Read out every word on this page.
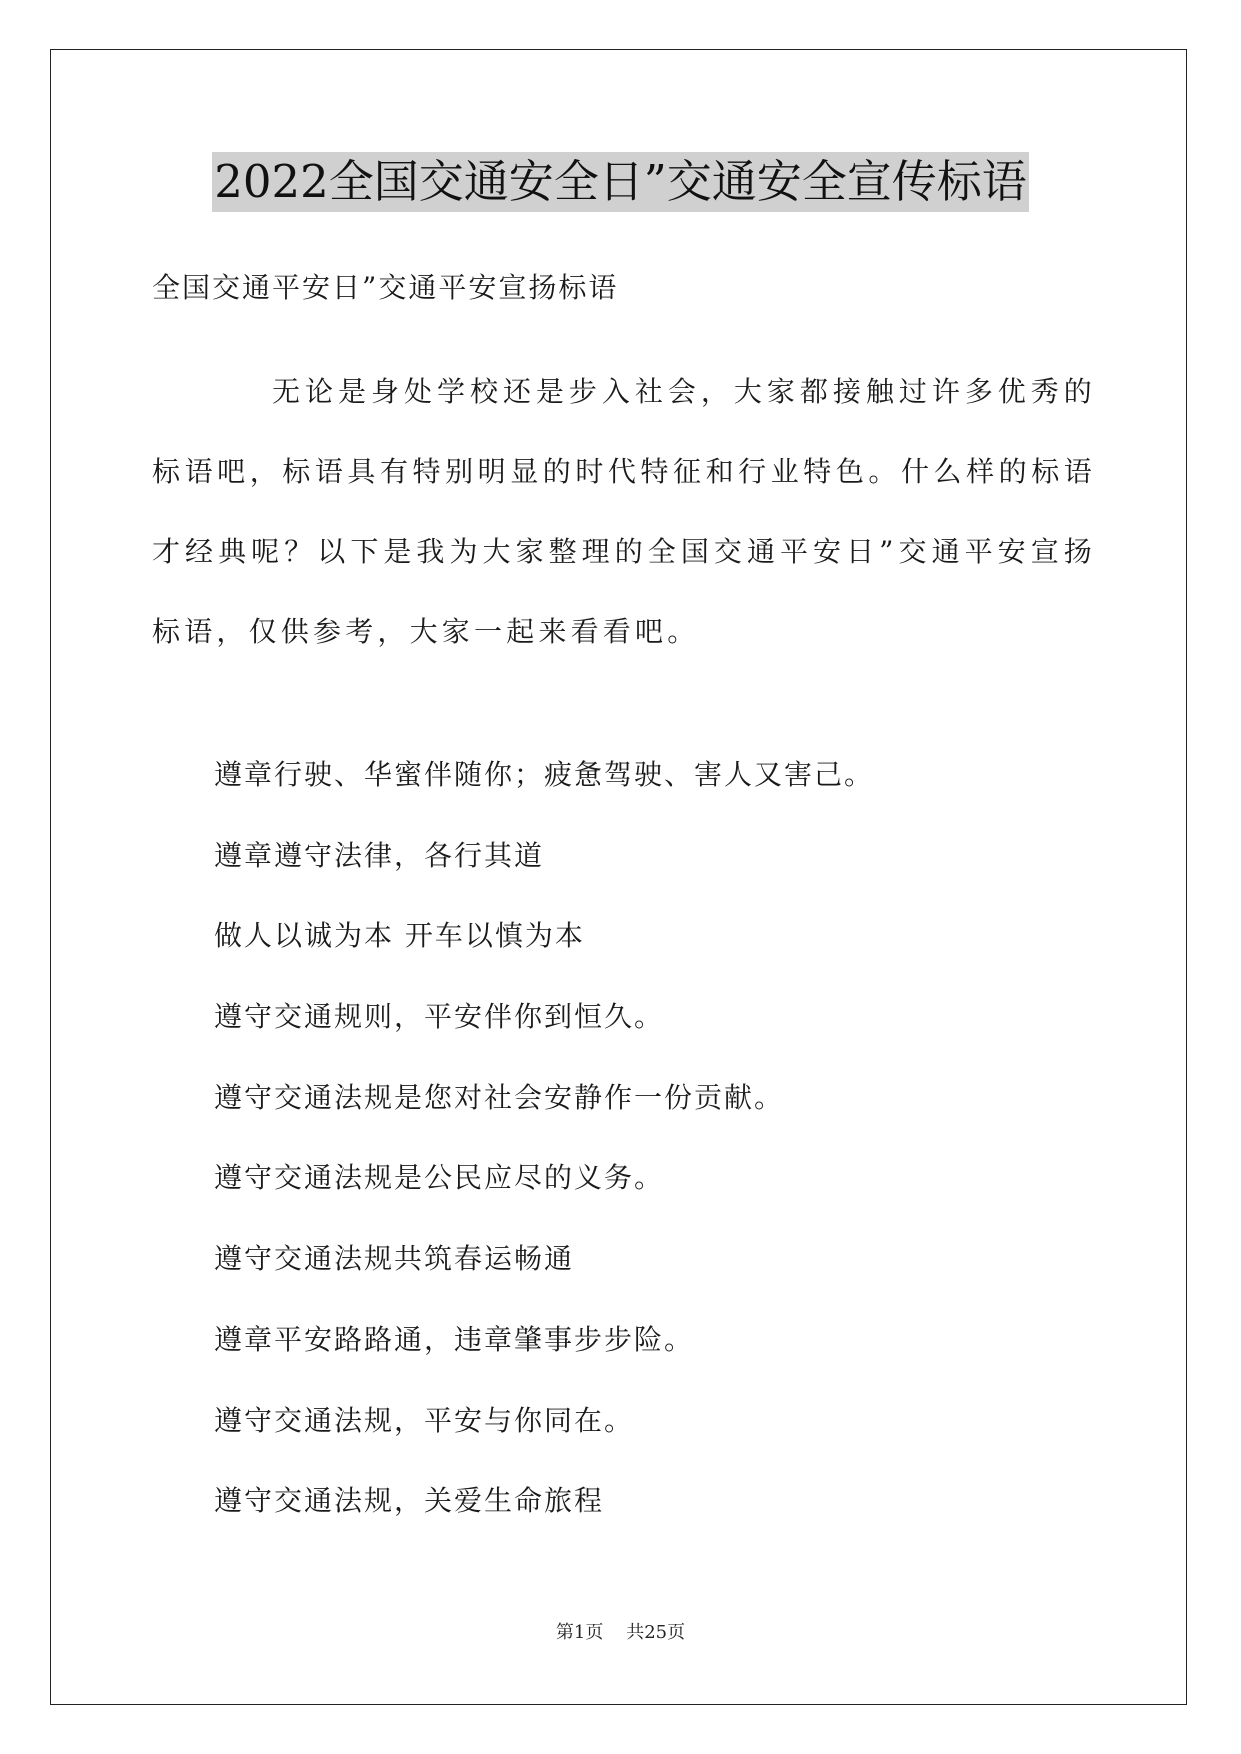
2022全国交通安全日”交通安全宣传标语
全国交通平安日”交通平安宣扬标语

无论是身处学校还是步入社会，大家都接触过许多优秀的标语吧，标语具有特别明显的时代特征和行业特色。什么样的标语才经典呢？以下是我为大家整理的全国交通平安日”交通平安宣扬标语，仅供参考，大家一起来看看吧。

遵章行驶、华蜜伴随你；疲惫驾驶、害人又害己。
遵章遵守法律，各行其道
做人以诚为本 开车以慎为本
遵守交通规则，平安伴你到恒久。
遵守交通法规是您对社会安静作一份贡献。
遵守交通法规是公民应尽的义务。
遵守交通法规共筑春运畅通
遵章平安路路通，违章肇事步步险。
遵守交通法规，平安与你同在。
遵守交通法规，关爱生命旅程
第1页 共25页
